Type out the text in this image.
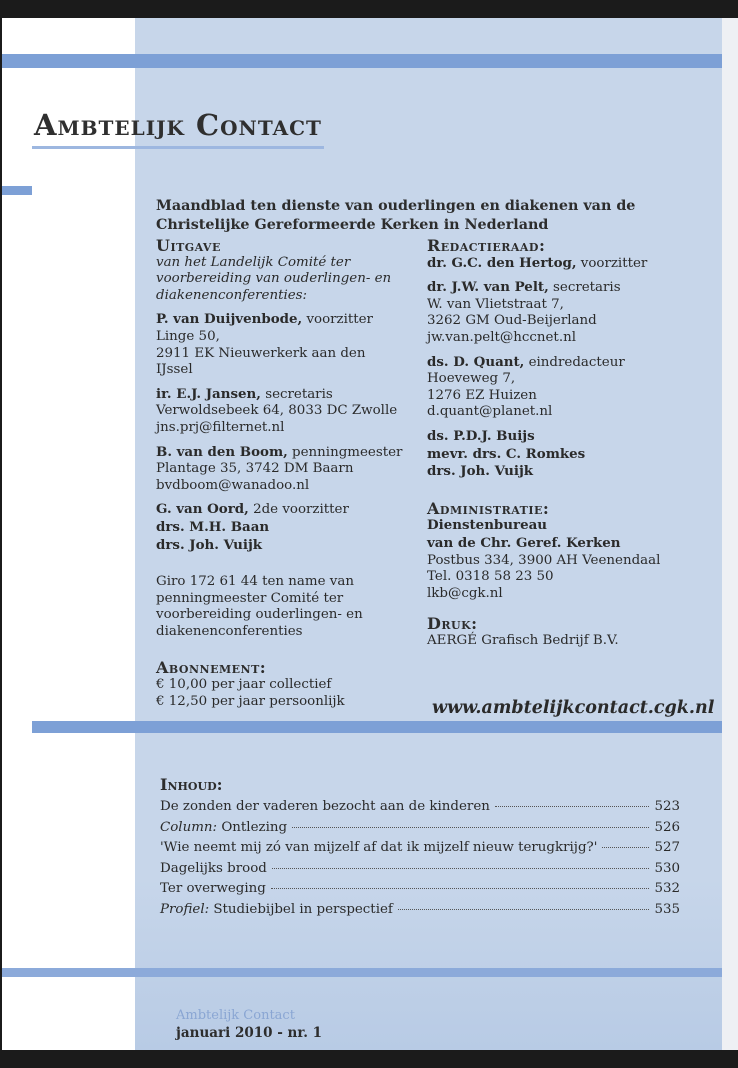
Ambtelijk Contact
Maandblad ten dienste van ouderlingen en diakenen van de Christelijke Gereformeerde Kerken in Nederland
Uitgave

van het Landelijk Comité ter voorbereiding van ouderlingen- en diakenenconferenties:

P. van Duijvenbode, voorzitter
Linge 50,
2911 EK Nieuwerkerk aan den IJssel

ir. E.J. Jansen, secretaris
Verwoldsebeek 64, 8033 DC Zwolle
jns.prj@filternet.nl

B. van den Boom, penningmeester
Plantage 35, 3742 DM Baarn
bvdboom@wanadoo.nl

G. van Oord, 2de voorzitter
drs. M.H. Baan
drs. Joh. Vuijk

Giro 172 61 44 ten name van penningmeester Comité ter voorbereiding ouderlingen- en diakenenconferenties

Abonnement:
€ 10,00 per jaar collectief
€ 12,50 per jaar persoonlijk
Redactieraad:

dr. G.C. den Hertog, voorzitter

dr. J.W. van Pelt, secretaris
W. van Vlietstraat 7,
3262 GM Oud-Beijerland
jw.van.pelt@hccnet.nl

ds. D. Quant, eindredacteur
Hoeveweg 7,
1276 EZ Huizen
d.quant@planet.nl

ds. P.D.J. Buijs
mevr. drs. C. Romkes
drs. Joh. Vuijk

Administratie:

Dienstenbureau
van de Chr. Geref. Kerken
Postbus 334, 3900 AH Veenendaal
Tel. 0318 58 23 50
lkb@cgk.nl

Druk:
AERGÉ Grafisch Bedrijf B.V.
www.ambtelijkcontact.cgk.nl
Inhoud:
De zonden der vaderen bezocht aan de kinderen	523
Column: Ontlezing	526
'Wie neemt mij zó van mijzelf af dat ik mijzelf nieuw terugkrijg?'	527
Dagelijks brood	530
Ter overweging	532
Profiel: Studiebijbel in perspectief	535
Ambtelijk Contact
januari 2010 - nr. 1
